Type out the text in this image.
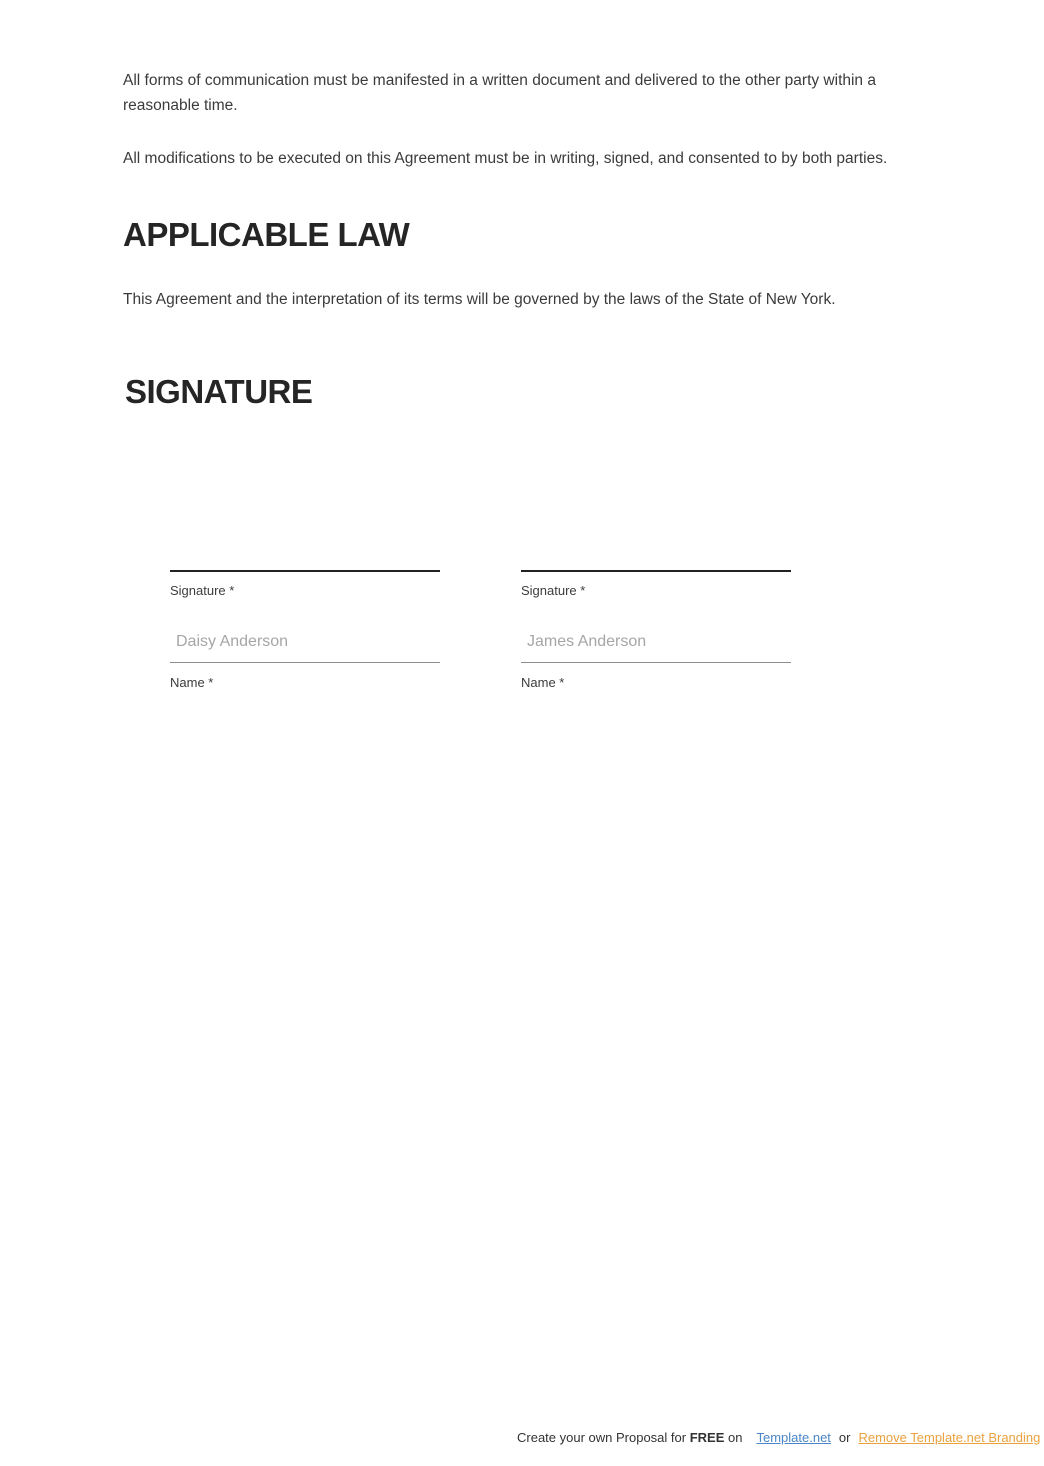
All forms of communication must be manifested in a written document and delivered to the other party within a reasonable time.

All modifications to be executed on this Agreement must be in writing, signed, and consented to by both parties.

APPLICABLE LAW

This Agreement and the interpretation of its terms will be governed by the laws of the State of New York.

SIGNATURE
Signature *
Daisy Anderson
Name *
Signature *
James Anderson
Name *
Create your own Proposal for FREE on Template.net or Remove Template.net Branding
